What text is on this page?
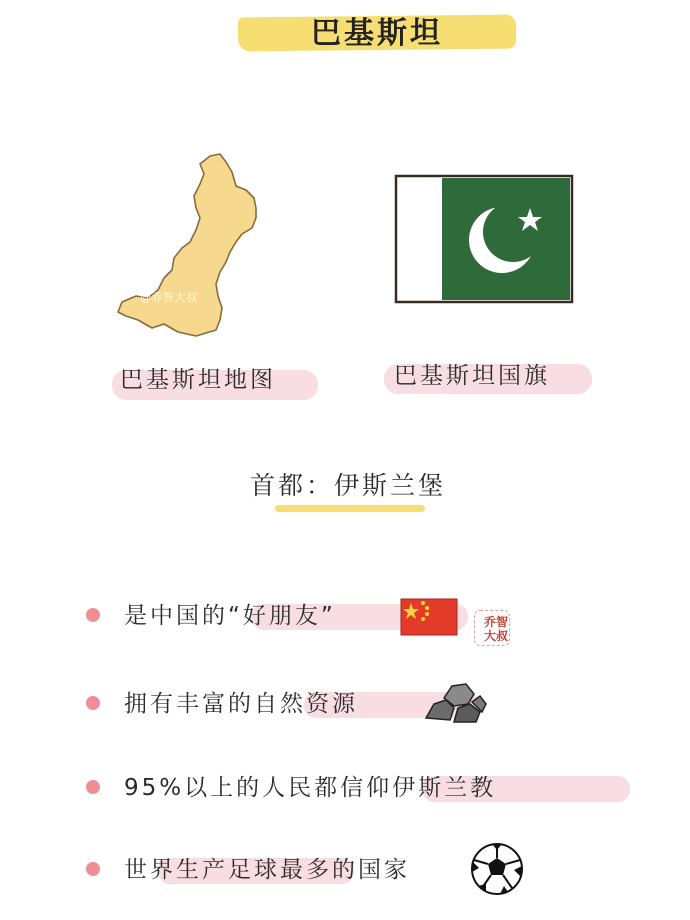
巴基斯坦
@乔智大叔
巴基斯坦地图	巴基斯坦国旗
首都：伊斯兰堡
是中国的“好朋友”	乔 智
大 叔
拥有丰富的自然资源
95%以上的人民都信仰伊斯兰教
世界生产足球最多的国家
